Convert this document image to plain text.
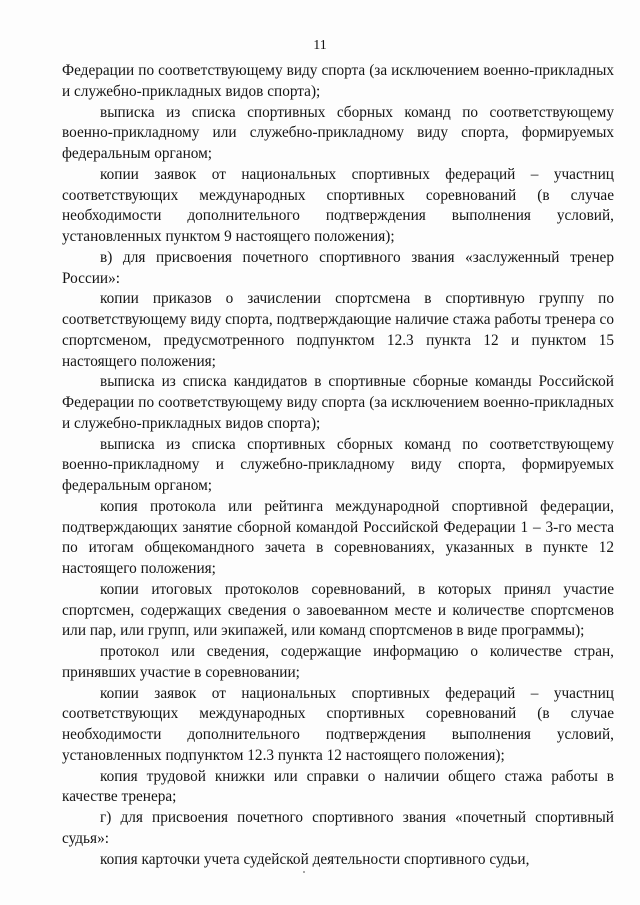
11

Федерации по соответствующему виду спорта (за исключением военно-прикладных и служебно-прикладных видов спорта);

выписка из списка спортивных сборных команд по соответствующему военно-прикладному или служебно-прикладному виду спорта, формируемых федеральным органом;

копии заявок от национальных спортивных федераций – участниц соответствующих международных спортивных соревнований (в случае необходимости дополнительного подтверждения выполнения условий, установленных пунктом 9 настоящего положения);

в) для присвоения почетного спортивного звания «заслуженный тренер России»:

копии приказов о зачислении спортсмена в спортивную группу по соответствующему виду спорта, подтверждающие наличие стажа работы тренера со спортсменом, предусмотренного подпунктом 12.3 пункта 12 и пунктом 15 настоящего положения;

выписка из списка кандидатов в спортивные сборные команды Российской Федерации по соответствующему виду спорта (за исключением военно-прикладных и служебно-прикладных видов спорта);

выписка из списка спортивных сборных команд по соответствующему военно-прикладному и служебно-прикладному виду спорта, формируемых федеральным органом;

копия протокола или рейтинга международной спортивной федерации, подтверждающих занятие сборной командой Российской Федерации 1 – 3-го места по итогам общекомандного зачета в соревнованиях, указанных в пункте 12 настоящего положения;

копии итоговых протоколов соревнований, в которых принял участие спортсмен, содержащих сведения о завоеванном месте и количестве спортсменов или пар, или групп, или экипажей, или команд спортсменов в виде программы);

протокол или сведения, содержащие информацию о количестве стран, принявших участие в соревновании;

копии заявок от национальных спортивных федераций – участниц соответствующих международных спортивных соревнований (в случае необходимости дополнительного подтверждения выполнения условий, установленных подпунктом 12.3 пункта 12 настоящего положения);

копия трудовой книжки или справки о наличии общего стажа работы в качестве тренера;

г) для присвоения почетного спортивного звания «почетный спортивный судья»:

копия карточки учета судейской деятельности спортивного судьи,
